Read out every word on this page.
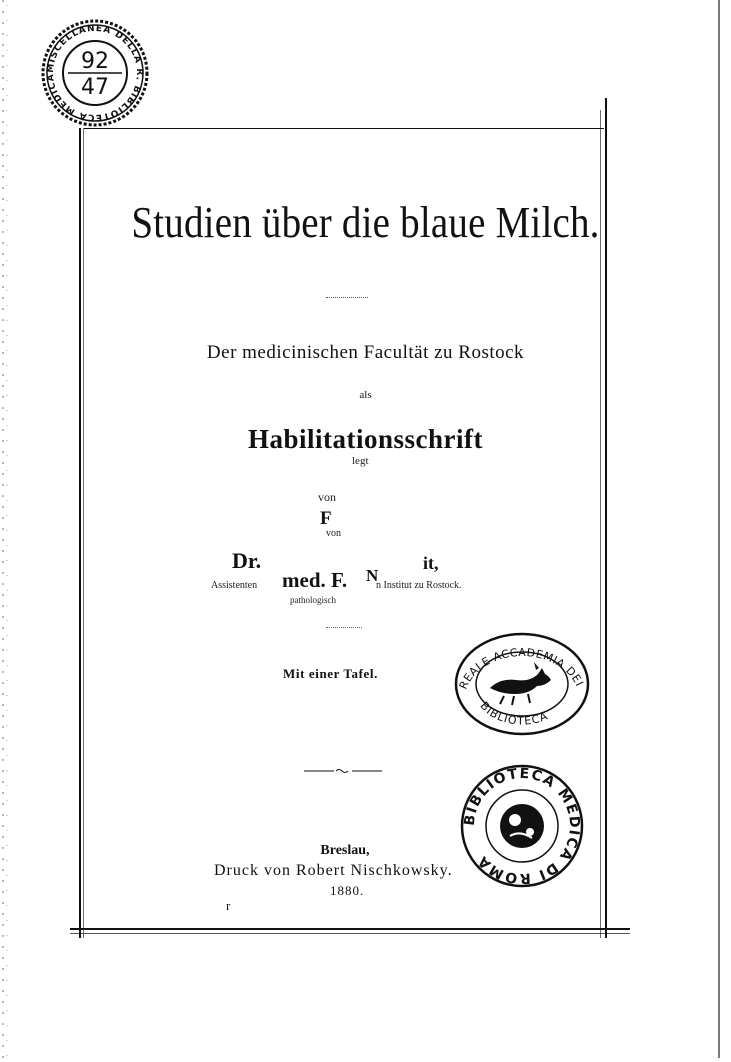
Studien über die blaue Milch.
Der medicinischen Facultät zu Rostock
als
Habilitationsschrift
legt
von
F
von
Dr.	it,
Assistenten med. F. N
n Institut zu Rostock.
pathologisch
Mit einer Tafel.
Breslau,
Druck von Robert Nischkowsky.
1880.
r
MISCELLANEA DELLA R. BIBLIOTECA MEDICA
92
47
REALE ACCADEMIA DEI
BIBLIOTECA
BIBLIOTECA MEDICA DI ROMA
